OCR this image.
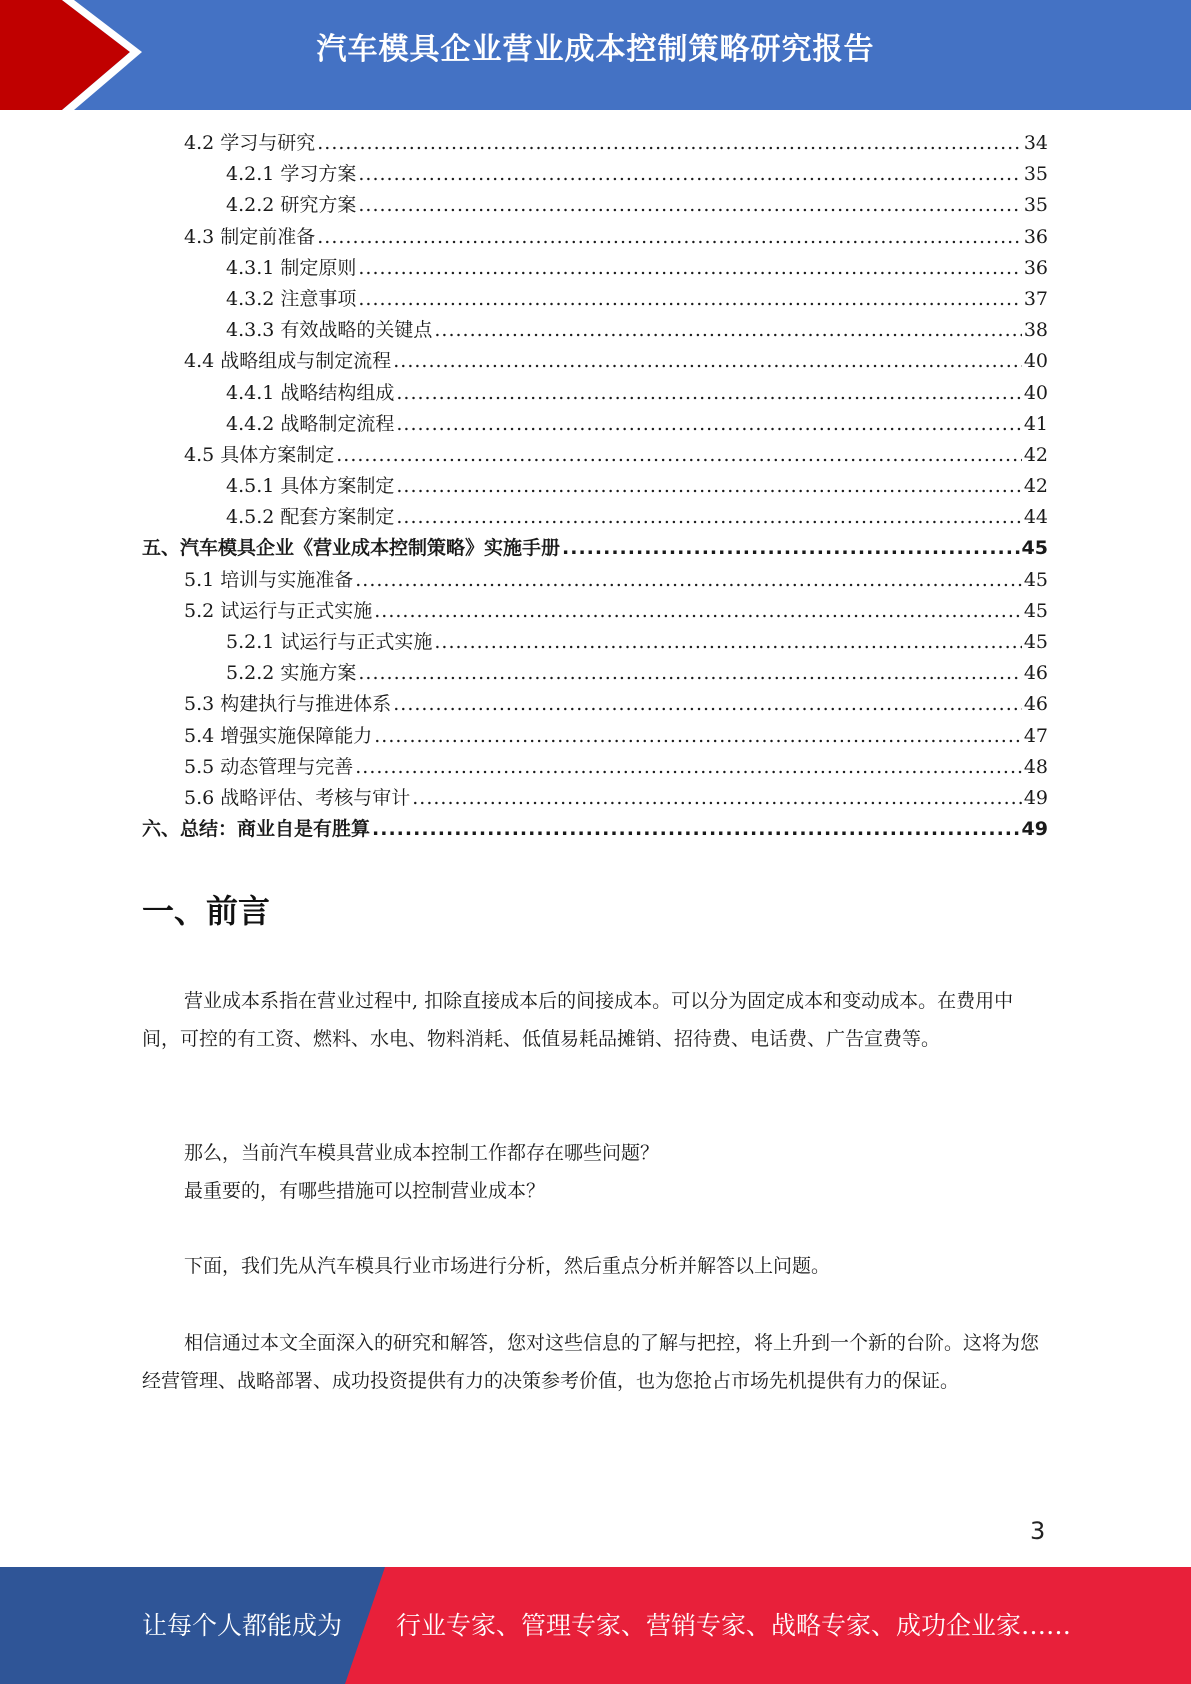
汽车模具企业营业成本控制策略研究报告
4.2 学习与研究 .....	34
4.2.1 学习方案 .....	35
4.2.2 研究方案 .....	35
4.3 制定前准备 .....	36
4.3.1 制定原则 .....	36
4.3.2 注意事项 .....	37
4.3.3 有效战略的关键点 .....	38
4.4 战略组成与制定流程 .....	40
4.4.1 战略结构组成 .....	40
4.4.2 战略制定流程 .....	41
4.5 具体方案制定 .....	42
4.5.1 具体方案制定 .....	42
4.5.2 配套方案制定 .....	44
五、汽车模具企业《营业成本控制策略》实施手册 .....	45
5.1 培训与实施准备 .....	45
5.2 试运行与正式实施 .....	45
5.2.1 试运行与正式实施 .....	45
5.2.2 实施方案 .....	46
5.3 构建执行与推进体系 .....	46
5.4 增强实施保障能力 .....	47
5.5 动态管理与完善 .....	48
5.6 战略评估、考核与审计 .....	49
六、总结：商业自是有胜算 .....	49
一、前言

营业成本系指在营业过程中, 扣除直接成本后的间接成本。可以分为固定成本和变动成本。在费用中间，可控的有工资、燃料、水电、物料消耗、低值易耗品摊销、招待费、电话费、广告宣费等。

那么，当前汽车模具营业成本控制工作都存在哪些问题？

最重要的，有哪些措施可以控制营业成本？

下面，我们先从汽车模具行业市场进行分析，然后重点分析并解答以上问题。

相信通过本文全面深入的研究和解答，您对这些信息的了解与把控，将上升到一个新的台阶。这将为您经营管理、战略部署、成功投资提供有力的决策参考价值，也为您抢占市场先机提供有力的保证。

3
让每个人都能成为 行业专家、管理专家、营销专家、战略专家、成功企业家……
